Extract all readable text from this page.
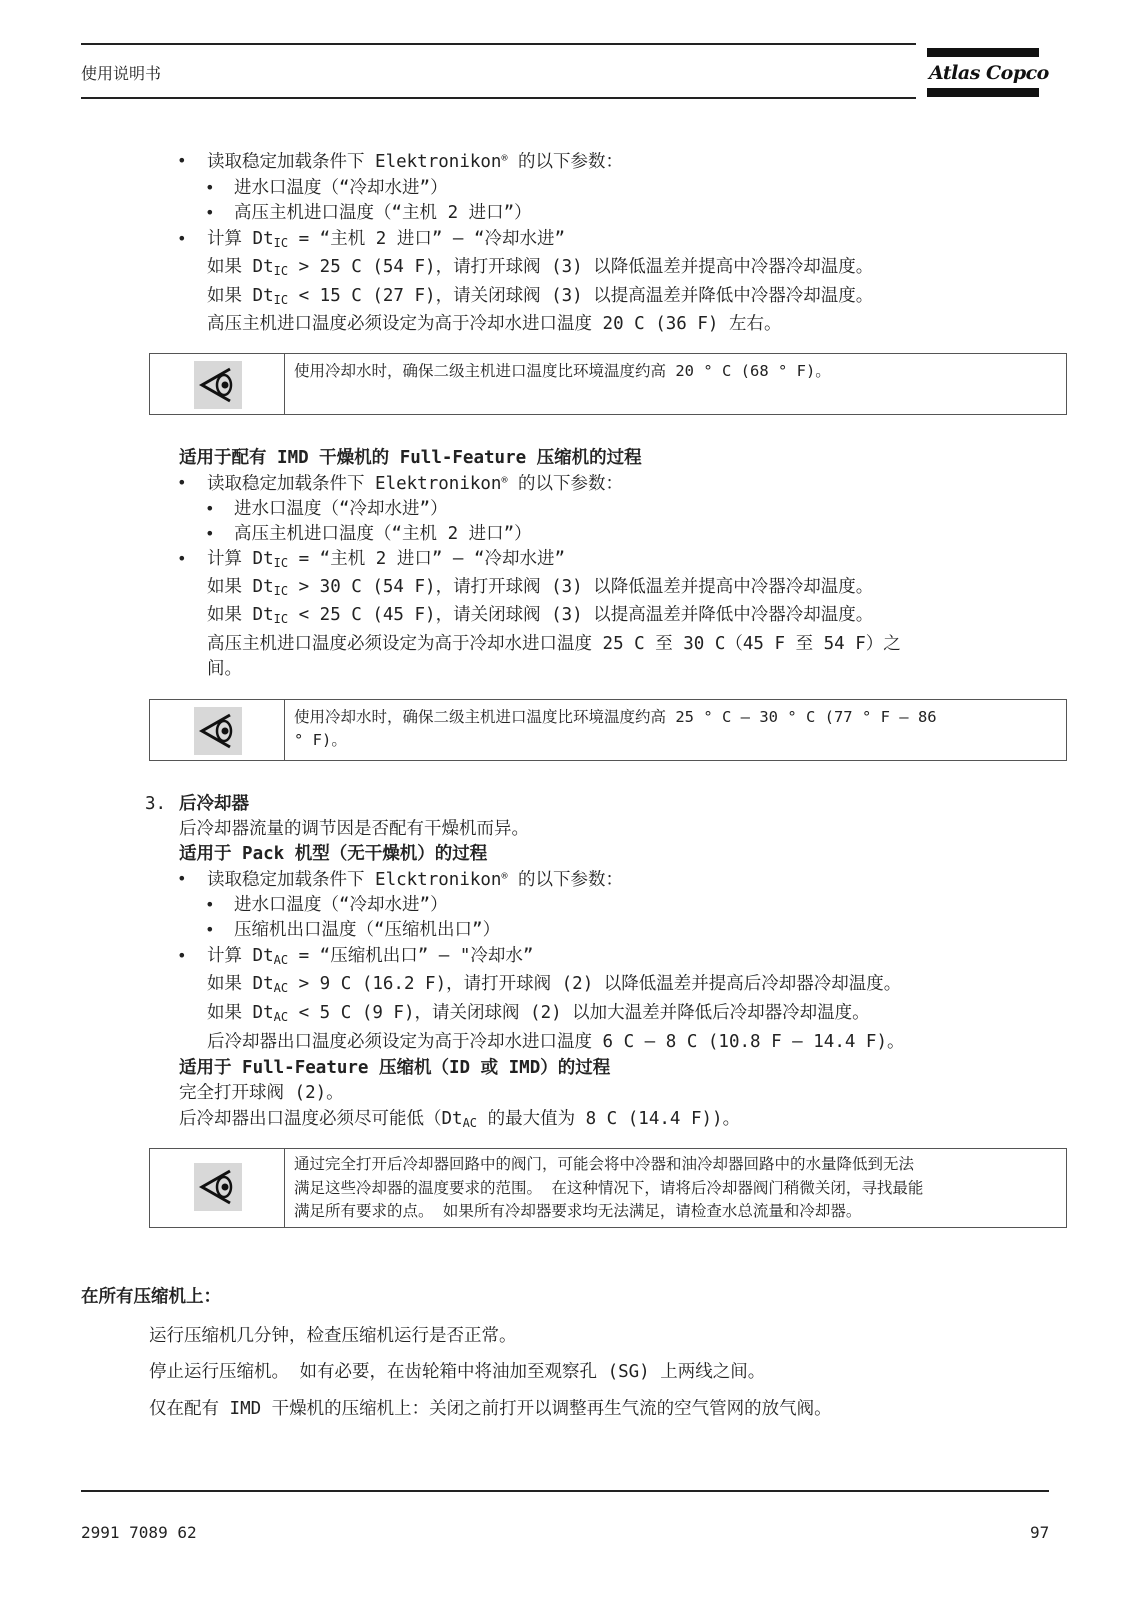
使用说明书	Atlas Copco
• 读取稳定加载条件下 Elektronikon® 的以下参数：
• 进水口温度（“冷却水进”）
• 高压主机进口温度（“主机 2 进口”）
• 计算 $Dt_{IC}$ = “主机 2 进口” – “冷却水进”
如果 $Dt_{IC} > 25$ C (54 F)，请打开球阀 (3) 以降低温差并提高中冷器冷却温度。
如果 $Dt_{IC} < 15$ C (27 F)，请关闭球阀 (3) 以提高温差并降低中冷器冷却温度。
高压主机进口温度必须设定为高于冷却水进口温度 20 C (36 F) 左右。
使用冷却水时，确保二级主机进口温度比环境温度约高 20 ° C (68 ° F)。
适用于配有 IMD 干燥机的 Full-Feature 压缩机的过程
• 读取稳定加载条件下 Elektronikon® 的以下参数：
• 进水口温度（“冷却水进”）
• 高压主机进口温度（“主机 2 进口”）
• 计算 $Dt_{IC}$ = “主机 2 进口” – “冷却水进”
如果 $Dt_{IC} > 30$ C (54 F)，请打开球阀 (3) 以降低温差并提高中冷器冷却温度。
如果 $Dt_{IC} < 25$ C (45 F)，请关闭球阀 (3) 以提高温差并降低中冷器冷却温度。
高压主机进口温度必须设定为高于冷却水进口温度 25 C 至 30 C（45 F 至 54 F）之
间。
使用冷却水时，确保二级主机进口温度比环境温度约高 25 ° C – 30 ° C (77 ° F – 86
° F)。
3. 后冷却器
后冷却器流量的调节因是否配有干燥机而异。
适用于 Pack 机型（无干燥机）的过程
• 读取稳定加载条件下 Elcktronikon® 的以下参数：
• 进水口温度（“冷却水进”）
• 压缩机出口温度（“压缩机出口”）
• 计算 $Dt_{AC}$ = “压缩机出口” – "冷却水”
如果 $Dt_{AC} > 9$ C (16.2 F)，请打开球阀 (2) 以降低温差并提高后冷却器冷却温度。
如果 $Dt_{AC} < 5$ C (9 F)，请关闭球阀 (2) 以加大温差并降低后冷却器冷却温度。
后冷却器出口温度必须设定为高于冷却水进口温度 6 C – 8 C (10.8 F – 14.4 F)。
适用于 Full-Feature 压缩机（ID 或 IMD）的过程
完全打开球阀 (2)。
后冷却器出口温度必须尽可能低（$Dt_{AC}$ 的最大值为 8 C (14.4 F))。
通过完全打开后冷却器回路中的阀门，可能会将中冷器和油冷却器回路中的水量降低到无法
满足这些冷却器的温度要求的范围。 在这种情况下，请将后冷却器阀门稍微关闭，寻找最能
满足所有要求的点。 如果所有冷却器要求均无法满足，请检查水总流量和冷却器。
在所有压缩机上：
运行压缩机几分钟，检查压缩机运行是否正常。
停止运行压缩机。 如有必要，在齿轮箱中将油加至观察孔 (SG) 上两线之间。
仅在配有 IMD 干燥机的压缩机上：关闭之前打开以调整再生气流的空气管网的放气阀。
2991 7089 62	97
